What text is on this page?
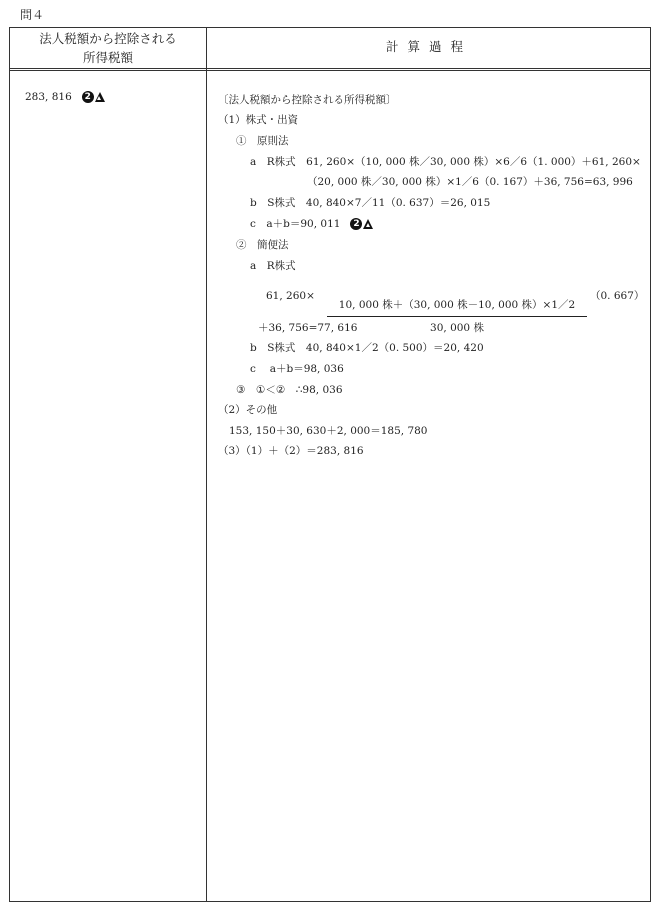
問４
法人税額から控除される
所得税額
計算過程
283, 816	2	〔法人税額から控除される所得税額〕
（1）株式・出資
①　原則法
a　R株式　61, 260×（10, 000 株／30, 000 株）×6／6（1. 000）＋61, 260×
（20, 000 株／30, 000 株）×1／6（0. 167）＋36, 756=63, 996
b　S株式　40, 840×7／11（0. 637）＝26, 015
c　a＋b＝90, 011	2
②　簡便法
a　R株式
61, 260×
10, 000 株＋（30, 000 株－10, 000 株）×1／2
30, 000 株
（0. 667）
＋36, 756=77, 616
b　S株式　40, 840×1／2（0. 500）＝20, 420
c　 a＋b＝98, 036
③　①＜②　∴98, 036
（2）その他
153, 150＋30, 630＋2, 000＝185, 780
（3）（1）＋（2）＝283, 816
